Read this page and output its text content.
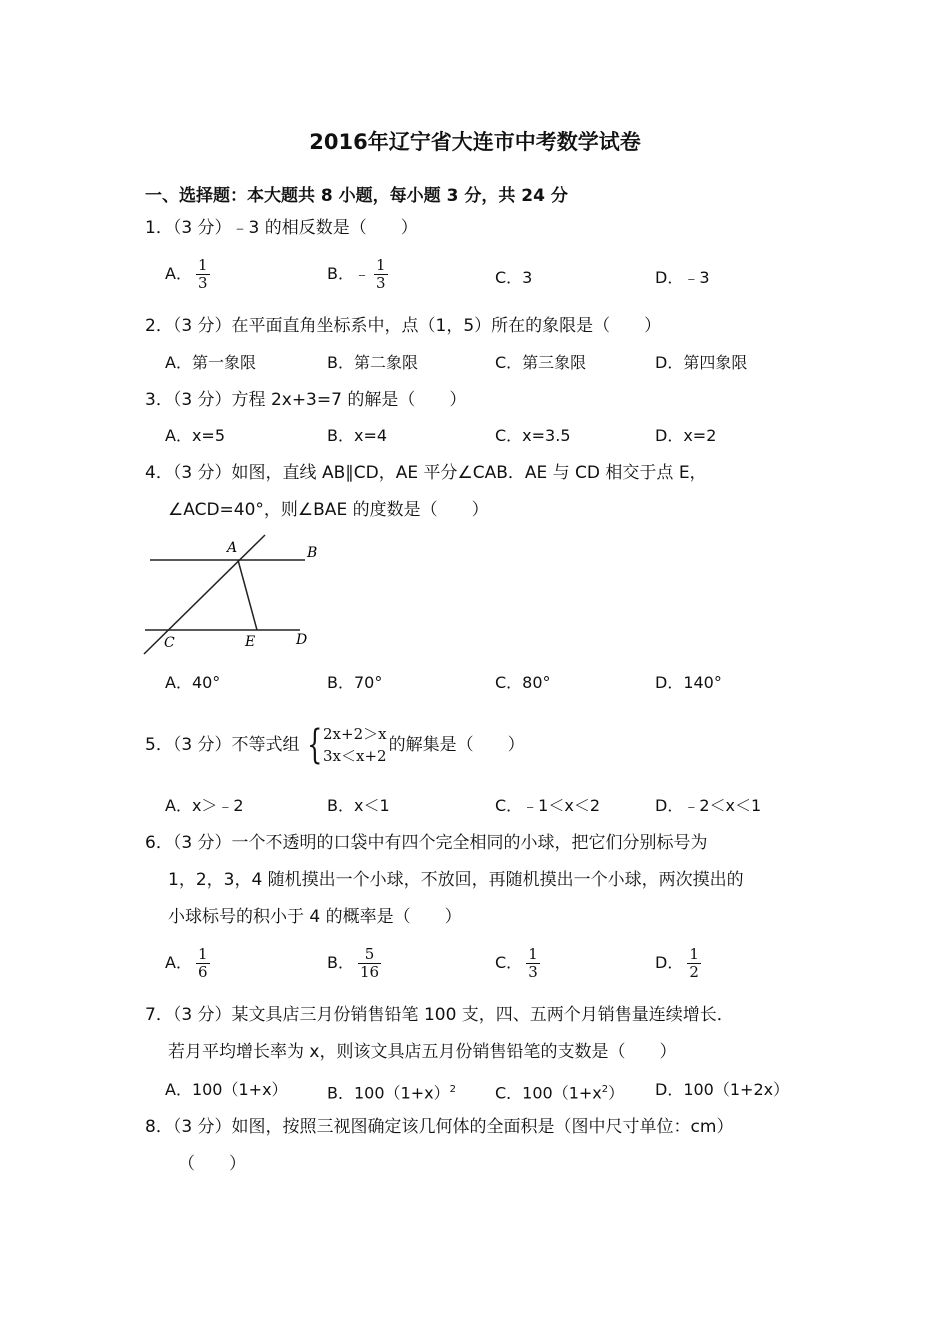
2016年辽宁省大连市中考数学试卷
一、选择题：本大题共 8 小题，每小题 3 分，共 24 分
1．（3 分）﹣3 的相反数是（　　）
A． $\frac{1}{3}$	B．﹣ $\frac{1}{3}$	C．3	D．﹣3
2．（3 分）在平面直角坐标系中，点（1，5）所在的象限是（　　）
A．第一象限	B．第二象限	C．第三象限	D．第四象限
3．（3 分）方程 2x+3=7 的解是（　　）
A．x=5	B．x=4	C．x=3.5	D．x=2
4．（3 分）如图，直线 AB∥CD，AE 平分∠CAB．AE 与 CD 相交于点 E，
∠ACD=40°，则∠BAE 的度数是（　　）
A	B
C	E	D
A．40°	B．70°	C．80°	D．140°
5．（3 分）不等式组 { 2x+2＞x
3x＜x+2
的解集是（　　）
A．x＞﹣2	B．x＜1	C．﹣1＜x＜2	D．﹣2＜x＜1
6．（3 分）一个不透明的口袋中有四个完全相同的小球，把它们分别标号为
1，2，3，4 随机摸出一个小球，不放回，再随机摸出一个小球，两次摸出的
小球标号的积小于 4 的概率是（　　）
A． $\frac{1}{6}$	B． $\frac{5}{16}$	C． $\frac{1}{3}$	D． $\frac{1}{2}$
7．（3 分）某文具店三月份销售铅笔 100 支，四、五两个月销售量连续增长．
若月平均增长率为 x，则该文具店五月份销售铅笔的支数是（　　）
A．100（1+x） B．$100(1+x)^2$ C．$100(1+x^2)$ D．100（1+2x）
8．（3 分）如图，按照三视图确定该几何体的全面积是（图中尺寸单位：cm）
（　　）
